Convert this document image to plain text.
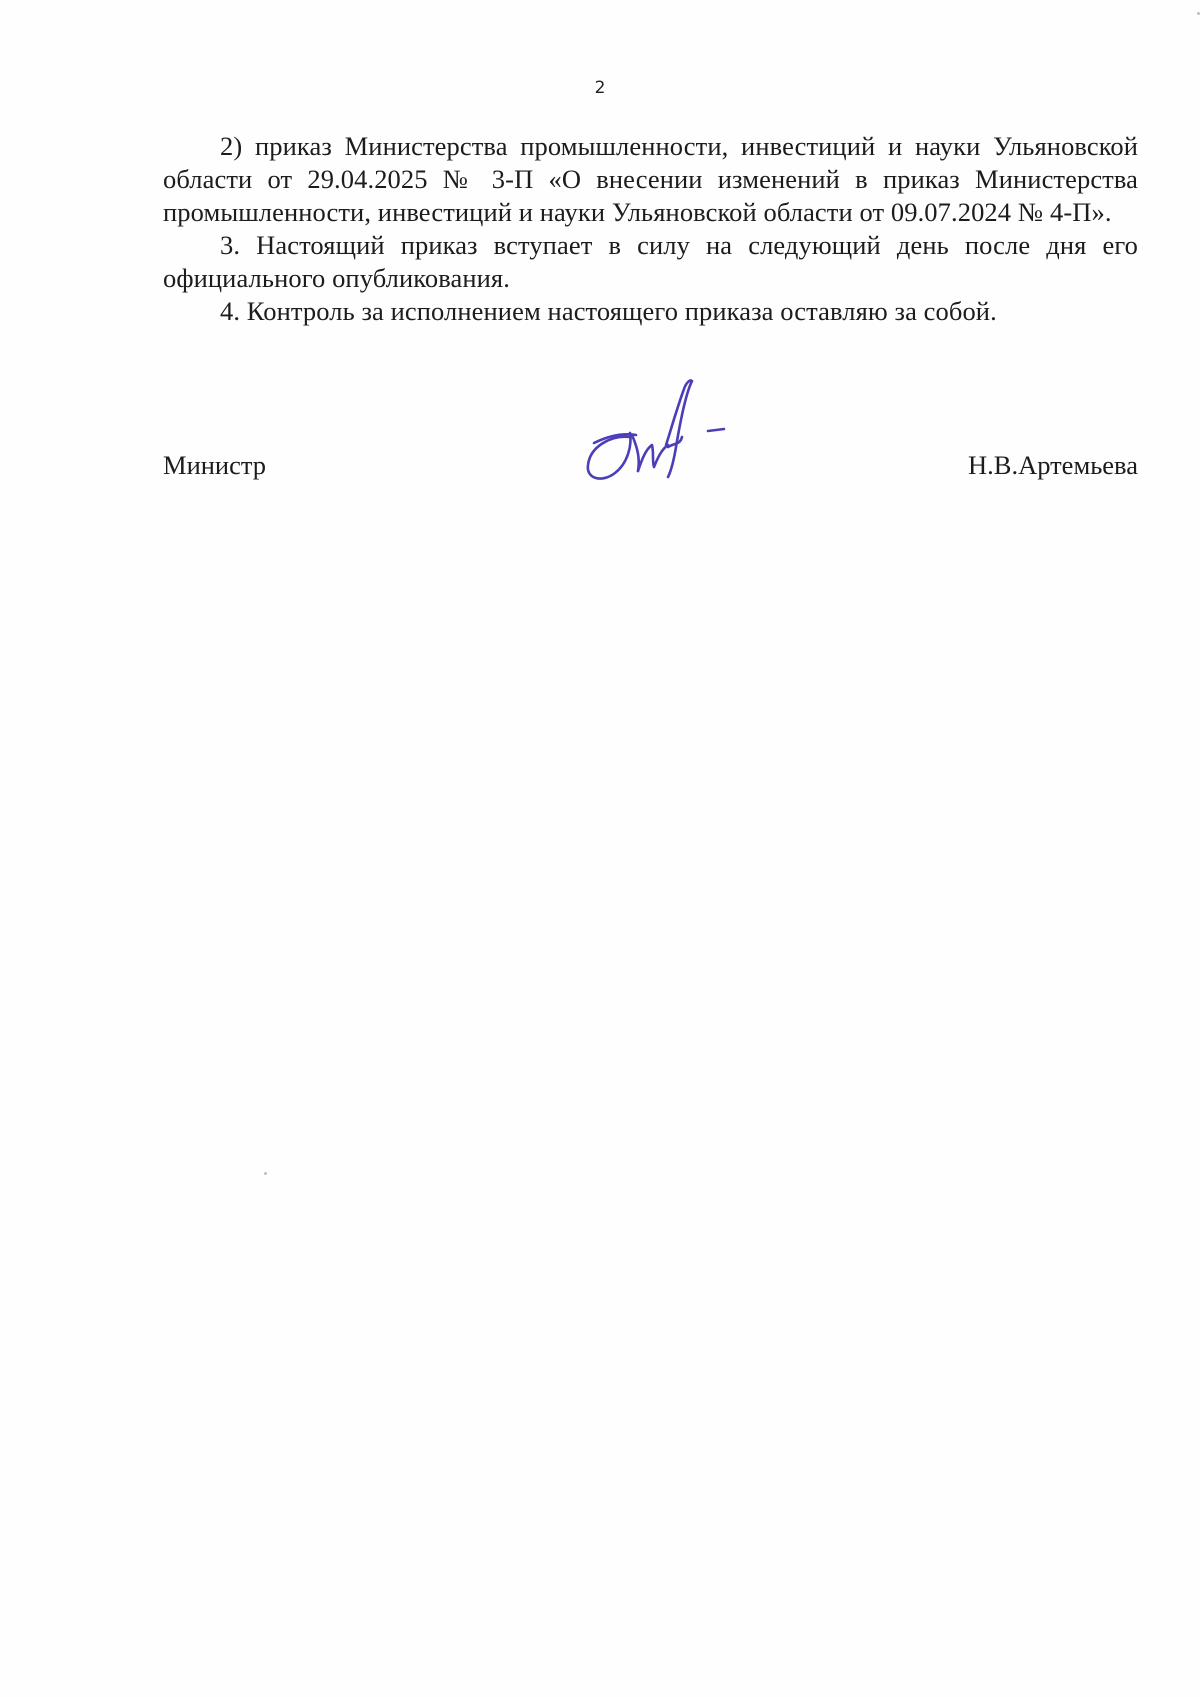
2

2) приказ Министерства промышленности, инвестиций и науки Ульяновской области от 29.04.2025 № 3-П «О внесении изменений в приказ Министерства промышленности, инвестиций и науки Ульяновской области от 09.07.2024 № 4-П».

3. Настоящий приказ вступает в силу на следующий день после дня его официального опубликования.

4. Контроль за исполнением настоящего приказа оставляю за собой.

Министр	Н.В.Артемьева
